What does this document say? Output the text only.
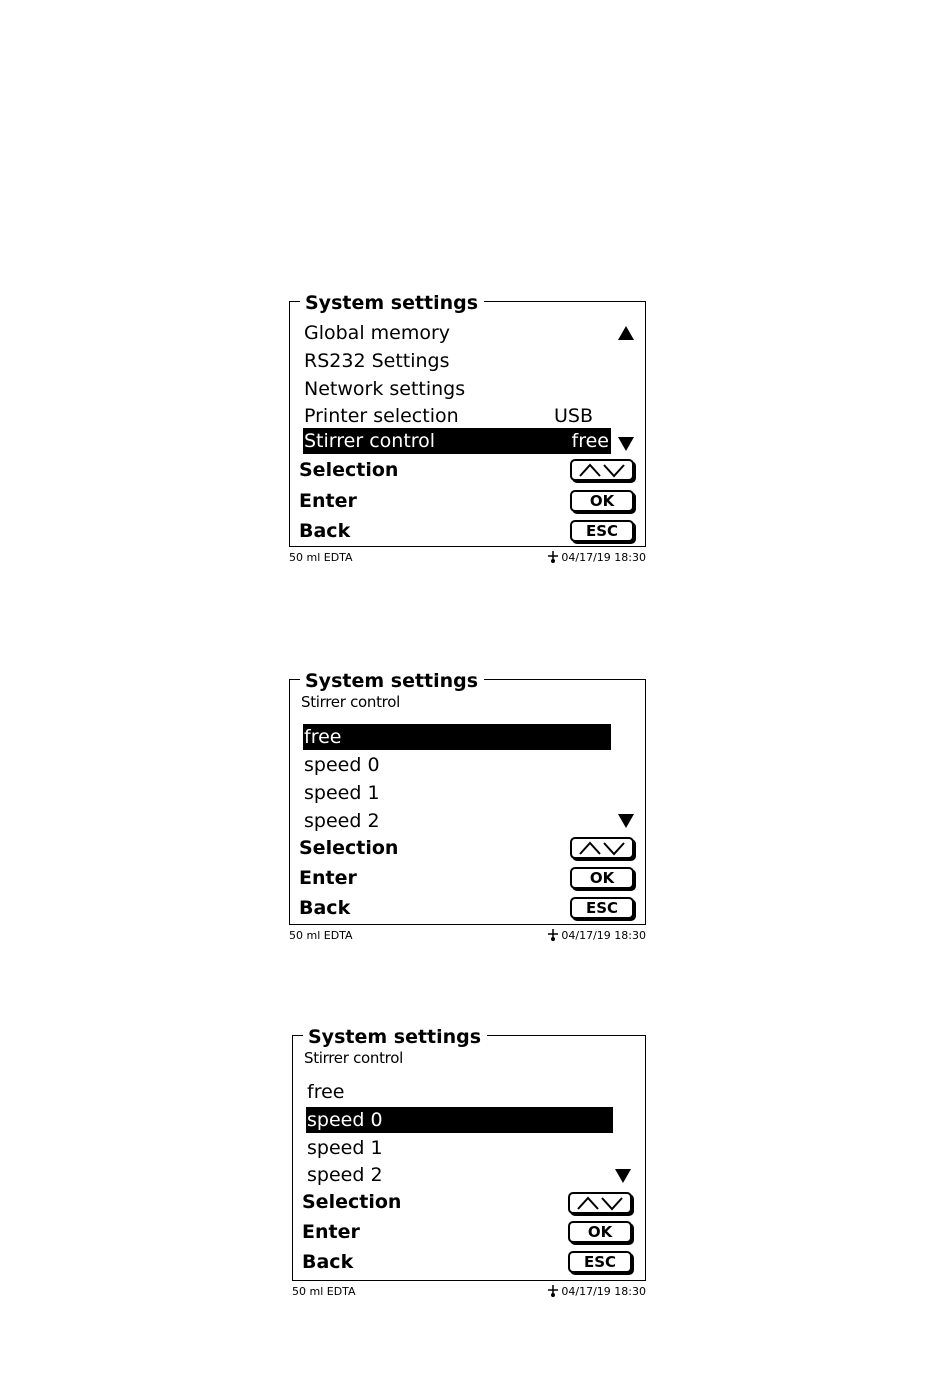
System settings
Global memory
RS232 Settings
Network settings
Printer selection	USB
Stirrer control	free
Selection
Enter	OK
Back	ESC
50 ml EDTA	04/17/19 18:30
System settings
Stirrer control
free
speed 0
speed 1
speed 2
Selection
Enter	OK
Back	ESC
50 ml EDTA	04/17/19 18:30
System settings
Stirrer control
free
speed 0
speed 1
speed 2
Selection
Enter	OK
Back	ESC
50 ml EDTA	04/17/19 18:30
